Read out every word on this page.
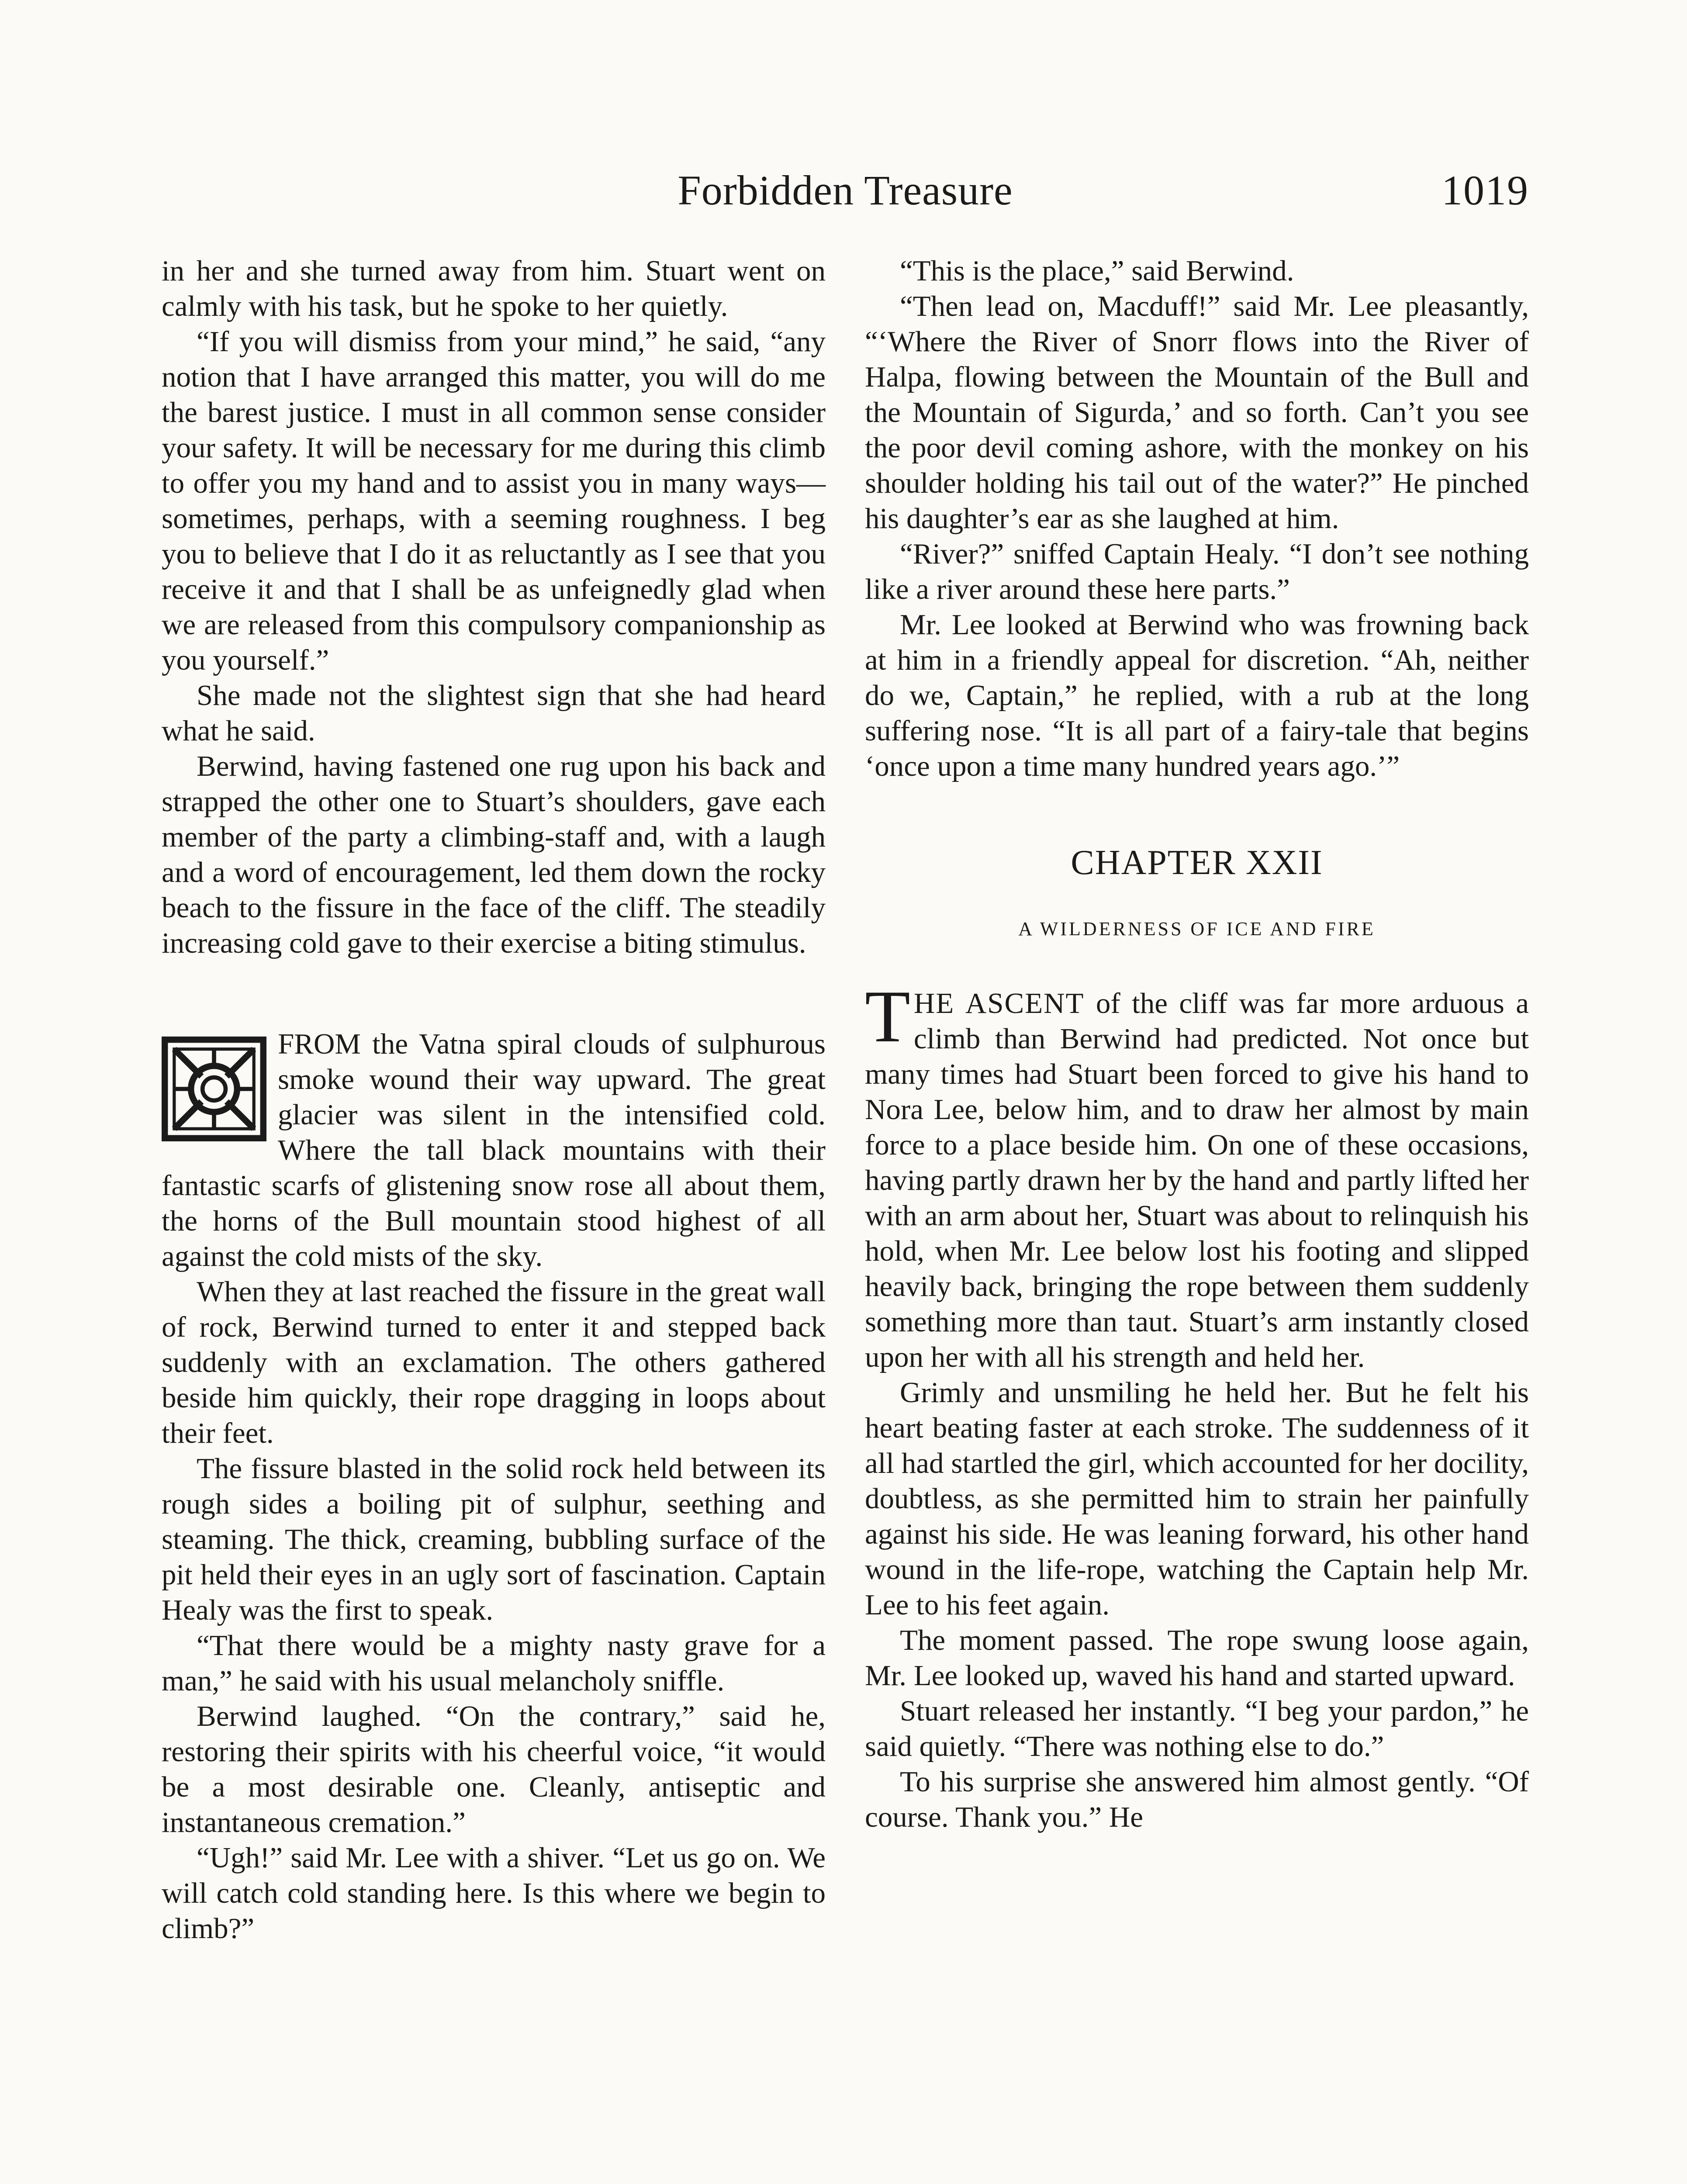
Forbidden Treasure	1019

in her and she turned away from him. Stuart went on calmly with his task, but he spoke to her quietly.

“If you will dismiss from your mind,” he said, “any notion that I have arranged this matter, you will do me the barest justice. I must in all common sense consider your safety. It will be necessary for me during this climb to offer you my hand and to assist you in many ways—sometimes, perhaps, with a seeming roughness. I beg you to believe that I do it as reluctantly as I see that you receive it and that I shall be as unfeignedly glad when we are released from this compulsory companionship as you yourself.”

She made not the slightest sign that she had heard what he said.

Berwind, having fastened one rug upon his back and strapped the other one to Stuart’s shoulders, gave each member of the party a climbing-staff and, with a laugh and a word of encouragement, led them down the rocky beach to the fissure in the face of the cliff. The steadily increasing cold gave to their exercise a biting stimulus.

FROM the Vatna spiral clouds of sulphurous smoke wound their way upward. The great glacier was silent in the intensified cold. Where the tall black mountains with their fantastic scarfs of glistening snow rose all about them, the horns of the Bull mountain stood highest of all against the cold mists of the sky.

When they at last reached the fissure in the great wall of rock, Berwind turned to enter it and stepped back suddenly with an exclamation. The others gathered beside him quickly, their rope dragging in loops about their feet.

The fissure blasted in the solid rock held between its rough sides a boiling pit of sulphur, seething and steaming. The thick, creaming, bubbling surface of the pit held their eyes in an ugly sort of fascination. Captain Healy was the first to speak.

“That there would be a mighty nasty grave for a man,” he said with his usual melancholy sniffle.

Berwind laughed. “On the contrary,” said he, restoring their spirits with his cheerful voice, “it would be a most desirable one. Cleanly, antiseptic and instantaneous cremation.”

“Ugh!” said Mr. Lee with a shiver. “Let us go on. We will catch cold standing here. Is this where we begin to climb?”

“This is the place,” said Berwind.

“Then lead on, Macduff!” said Mr. Lee pleasantly, “‘Where the River of Snorr flows into the River of Halpa, flowing between the Mountain of the Bull and the Mountain of Sigurda,’ and so forth. Can’t you see the poor devil coming ashore, with the monkey on his shoulder holding his tail out of the water?” He pinched his daughter’s ear as she laughed at him.

“River?” sniffed Captain Healy. “I don’t see nothing like a river around these here parts.”

Mr. Lee looked at Berwind who was frowning back at him in a friendly appeal for discretion. “Ah, neither do we, Captain,” he replied, with a rub at the long suffering nose. “It is all part of a fairy-tale that begins ‘once upon a time many hundred years ago.’”

CHAPTER XXII
A WILDERNESS OF ICE AND FIRE

THE ASCENT of the cliff was far more arduous a climb than Berwind had predicted. Not once but many times had Stuart been forced to give his hand to Nora Lee, below him, and to draw her almost by main force to a place beside him. On one of these occasions, having partly drawn her by the hand and partly lifted her with an arm about her, Stuart was about to relinquish his hold, when Mr. Lee below lost his footing and slipped heavily back, bringing the rope between them suddenly something more than taut. Stuart’s arm instantly closed upon her with all his strength and held her.

Grimly and unsmiling he held her. But he felt his heart beating faster at each stroke. The suddenness of it all had startled the girl, which accounted for her docility, doubtless, as she permitted him to strain her painfully against his side. He was leaning forward, his other hand wound in the life-rope, watching the Captain help Mr. Lee to his feet again.

The moment passed. The rope swung loose again, Mr. Lee looked up, waved his hand and started upward.

Stuart released her instantly. “I beg your pardon,” he said quietly. “There was nothing else to do.”

To his surprise she answered him almost gently. “Of course. Thank you.” He
